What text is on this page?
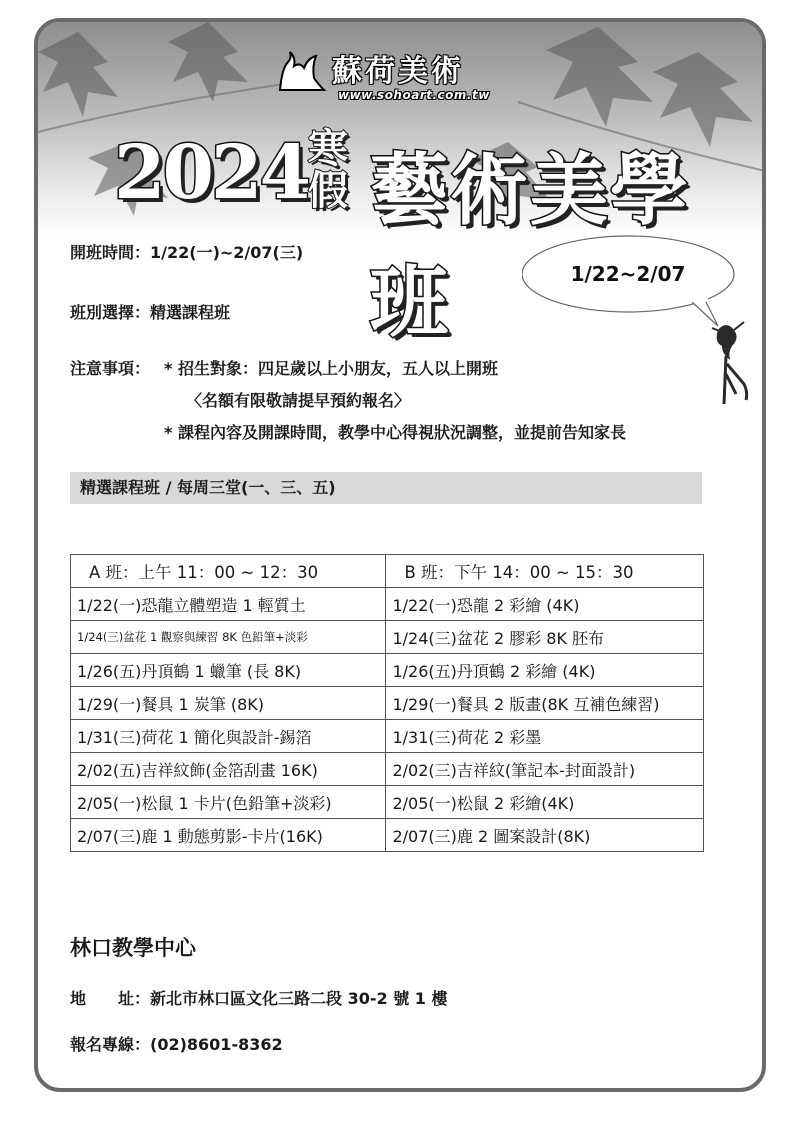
蘇荷美術
www.sohoart.com.tw
2024 寒
假 藝術美學班
開班時間：1/22(一)~2/07(三)
班別選擇：精選課程班
注意事項： * 招生對象：四足歲以上小朋友，五人以上開班
〈名額有限敬請提早預約報名〉
* 課程內容及開課時間，教學中心得視狀況調整，並提前告知家長
1/22~2/07
精選課程班 / 每周三堂(一、三、五)
A 班：上午 11：00 ~ 12：30	B 班：下午 14：00 ~ 15：30
1/22(一)恐龍立體塑造 1 輕質土	1/22(一)恐龍 2 彩繪 (4K)
1/24(三)盆花 1 觀察與練習 8K 色鉛筆+淡彩	1/24(三)盆花 2 膠彩 8K 胚布
1/26(五)丹頂鶴 1 蠟筆 (長 8K)	1/26(五)丹頂鶴 2 彩繪 (4K)
1/29(一)餐具 1 炭筆 (8K)	1/29(一)餐具 2 版畫(8K 互補色練習)
1/31(三)荷花 1 簡化與設計-錫箔	1/31(三)荷花 2 彩墨
2/02(五)吉祥紋飾(金箔刮畫 16K)	2/02(三)吉祥紋(筆記本-封面設計)
2/05(一)松鼠 1 卡片(色鉛筆+淡彩)	2/05(一)松鼠 2 彩繪(4K)
2/07(三)鹿 1 動態剪影-卡片(16K)	2/07(三)鹿 2 圖案設計(8K)
林口教學中心
地　　址：新北市林口區文化三路二段 30-2 號 1 樓
報名專線：(02)8601-8362
